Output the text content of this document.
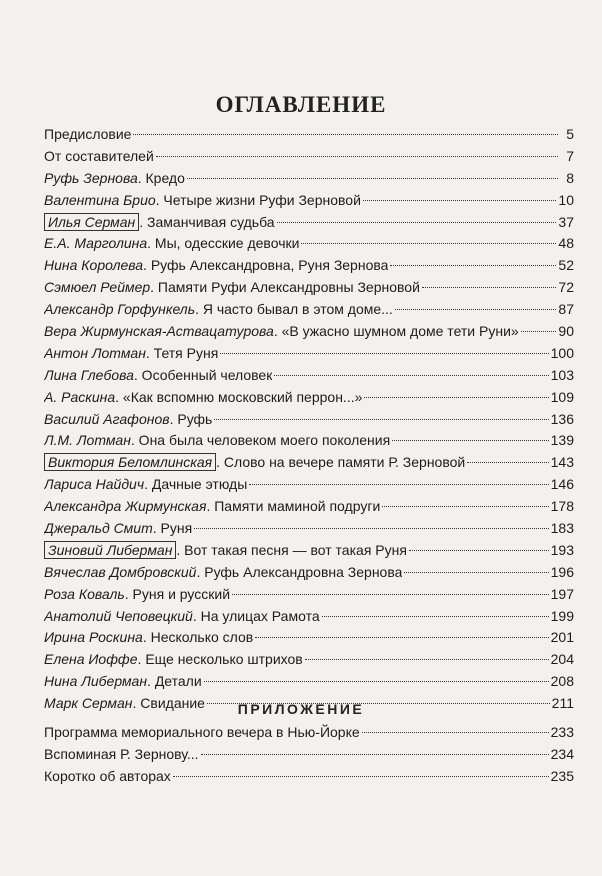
ОГЛАВЛЕНИЕ
Предисловие	5
От составителей	7
Руфь Зернова. Кредо	8
Валентина Брио. Четыре жизни Руфи Зерновой	10
Илья Серман . Заманчивая судьба	37
Е.А. Марголина. Мы, одесские девочки	48
Нина Королева. Руфь Александровна, Руня Зернова	52
Сэмюел Реймер. Памяти Руфи Александровны Зерновой	72
Александр Горфункель. Я часто бывал в этом доме...	87
Вера Жирмунская-Аствацатурова. «В ужасно шумном доме тети Руни»	90
Антон Лотман. Тетя Руня	100
Лина Глебова. Особенный человек	103
А. Раскина. «Как вспомню московский перрон...»	109
Василий Агафонов. Руфь	136
Л.М. Лотман. Она была человеком моего поколения	139
Виктория Беломлинская . Слово на вечере памяти Р. Зерновой	143
Лариса Найдич. Дачные этюды	146
Александра Жирмунская. Памяти маминой подруги	178
Джеральд Смит. Руня	183
Зиновий Либерман . Вот такая песня — вот такая Руня	193
Вячеслав Домбровский. Руфь Александровна Зернова	196
Роза Коваль. Руня и русский	197
Анатолий Чеповецкий. На улицах Рамота	199
Ирина Роскина. Несколько слов	201
Елена Иоффе. Еще несколько штрихов	204
Нина Либерман. Детали	208
Марк Серман. Свидание	211
ПРИЛОЖЕНИЕ
Программа мемориального вечера в Нью-Йорке	233
Вспоминая Р. Зернову...	234
Коротко об авторах	235
